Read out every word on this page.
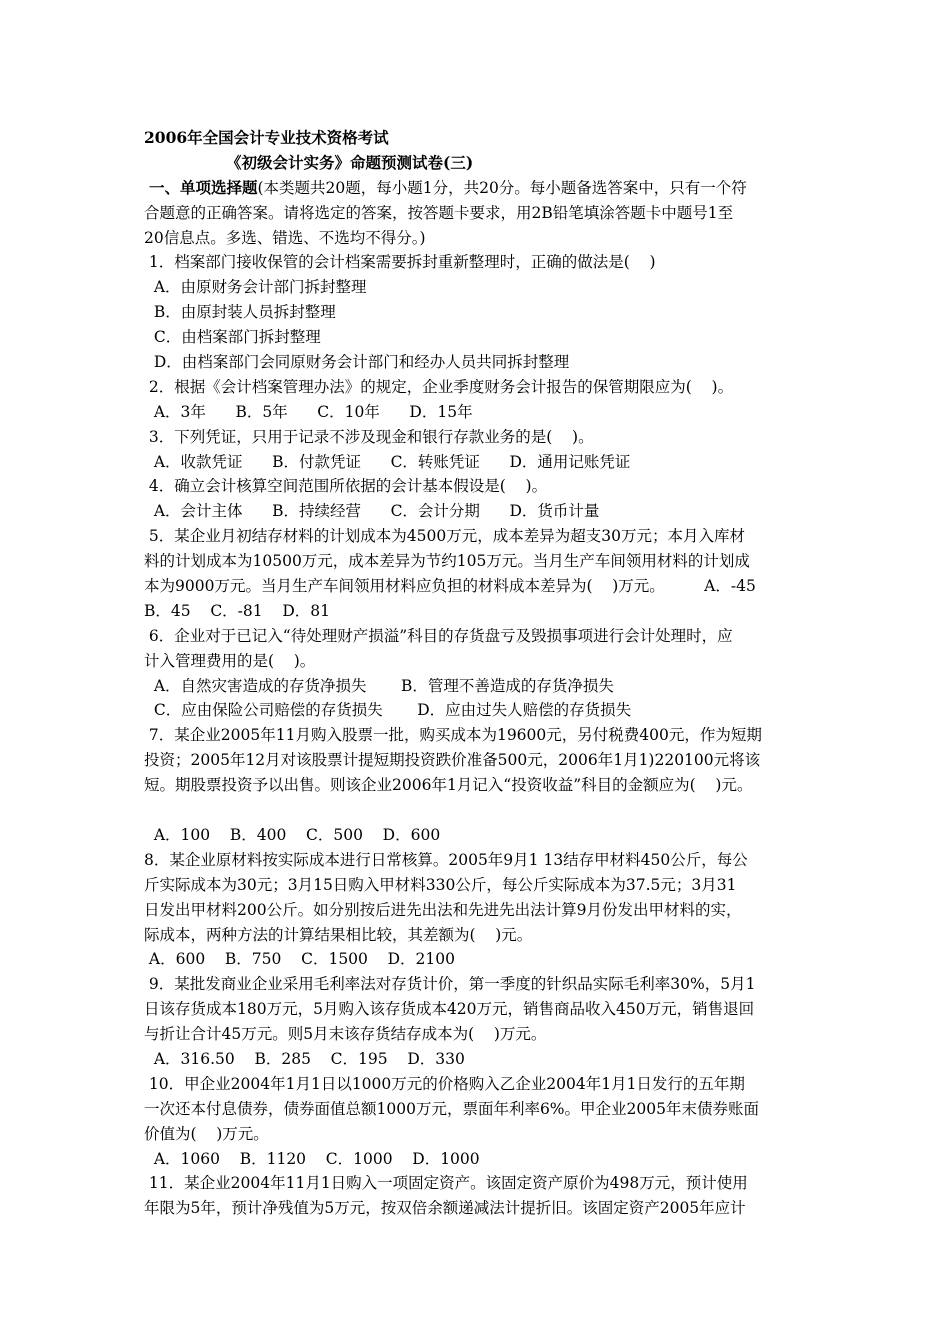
2006年全国会计专业技术资格考试
《初级会计实务》命题预测试卷(三)
一、单项选择题(本类题共20题，每小题1分，共20分。每小题备选答案中，只有一个符
合题意的正确答案。请将选定的答案，按答题卡要求，用2B铅笔填涂答题卡中题号1至
20信息点。多选、错选、不选均不得分。)
1．档案部门接收保管的会计档案需要拆封重新整理时，正确的做法是(    )
A．由原财务会计部门拆封整理
B．由原封装人员拆封整理
C．由档案部门拆封整理
D．由档案部门会同原财务会计部门和经办人员共同拆封整理
2．根据《会计档案管理办法》的规定，企业季度财务会计报告的保管期限应为(    )。
A．3年      B．5年      C．10年      D．15年
3．下列凭证，只用于记录不涉及现金和银行存款业务的是(    )。
A．收款凭证      B．付款凭证      C．转账凭证      D．通用记账凭证
4．确立会计核算空间范围所依据的会计基本假设是(    )。
A．会计主体      B．持续经营      C．会计分期      D．货币计量
5．某企业月初结存材料的计划成本为4500万元，成本差异为超支30万元；本月入库材
料的计划成本为10500万元，成本差异为节约105万元。当月生产车间领用材料的计划成
本为9000万元。当月生产车间领用材料应负担的材料成本差异为(    )万元。        A．-45
B．45    C．-81    D．81
6．企业对于已记入“待处理财产损溢”科目的存货盘亏及毁损事项进行会计处理时，应
计入管理费用的是(    )。
A．自然灾害造成的存货净损失       B．管理不善造成的存货净损失
C．应由保险公司赔偿的存货损失       D．应由过失人赔偿的存货损失
7．某企业2005年11月购入股票一批，购买成本为19600元，另付税费400元，作为短期
投资；2005年12月对该股票计提短期投资跌价准备500元，2006年1月1)220100元将该
短。期股票投资予以出售。则该企业2006年1月记入“投资收益”科目的金额应为(    )元。
A．100    B．400    C．500    D．600
8．某企业原材料按实际成本进行日常核算。2005年9月1 13结存甲材料450公斤，每公
斤实际成本为30元；3月15日购入甲材料330公斤，每公斤实际成本为37.5元；3月31
日发出甲材料200公斤。如分别按后进先出法和先进先出法计算9月份发出甲材料的实，
际成本，两种方法的计算结果相比较，其差额为(    )元。
A．600    B．750    C．1500    D．2100
9．某批发商业企业采用毛利率法对存货计价，第一季度的针织品实际毛利率30%，5月1
日该存货成本180万元，5月购入该存货成本420万元，销售商品收入450万元，销售退回
与折让合计45万元。则5月末该存货结存成本为(    )万元。
A．316.50    B．285    C．195    D．330
10．甲企业2004年1月1日以1000万元的价格购入乙企业2004年1月1日发行的五年期
一次还本付息债券，债券面值总额1000万元，票面年利率6%。甲企业2005年末债券账面
价值为(    )万元。
A．1060    B．1120    C．1000    D．1000
11．某企业2004年11月1日购入一项固定资产。该固定资产原价为498万元，预计使用
年限为5年，预计净残值为5万元，按双倍余额递减法计提折旧。该固定资产2005年应计
